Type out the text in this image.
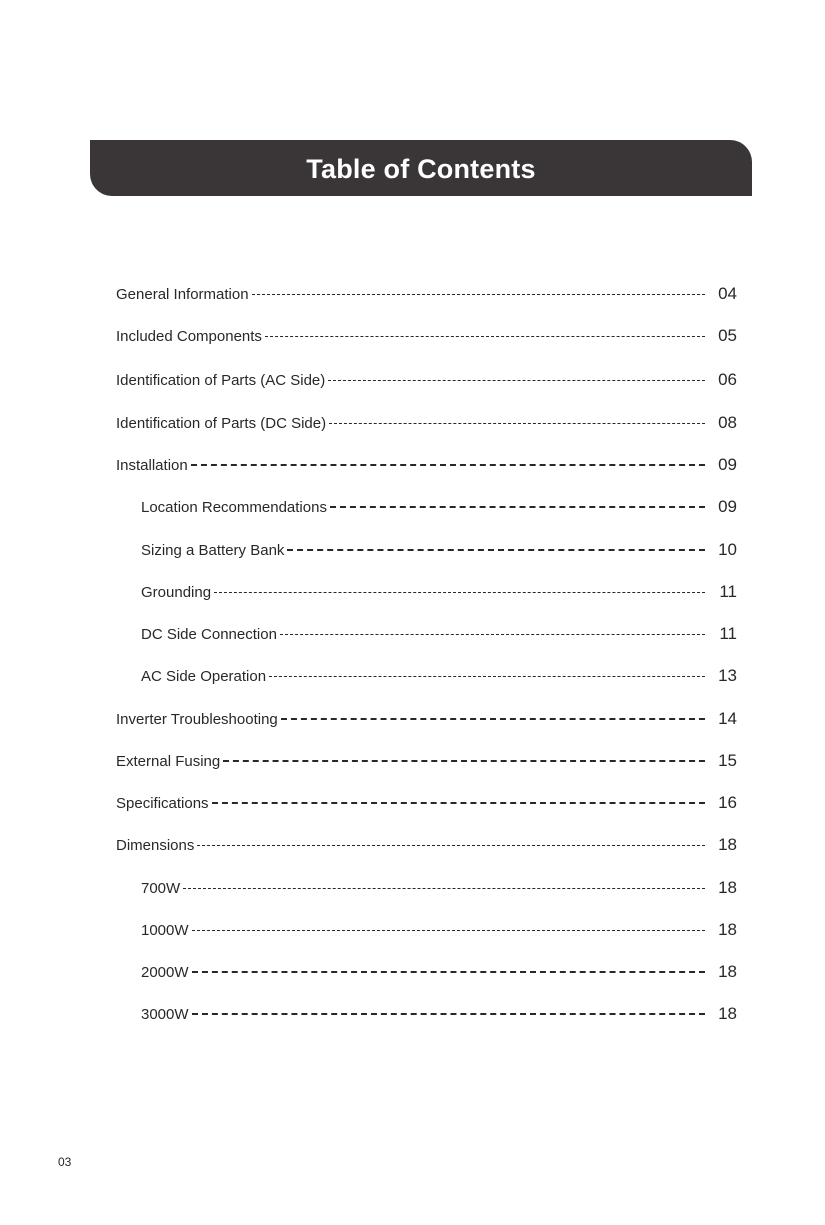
Table of Contents
General Information	04
Included Components	05
Identification of Parts (AC Side)	06
Identification of Parts (DC Side)	08
Installation	09
Location Recommendations	09
Sizing a Battery Bank	10
Grounding	11
DC Side Connection	11
AC Side Operation	13
Inverter Troubleshooting	14
External Fusing	15
Specifications	16
Dimensions	18
700W	18
1000W	18
2000W	18
3000W	18
03
